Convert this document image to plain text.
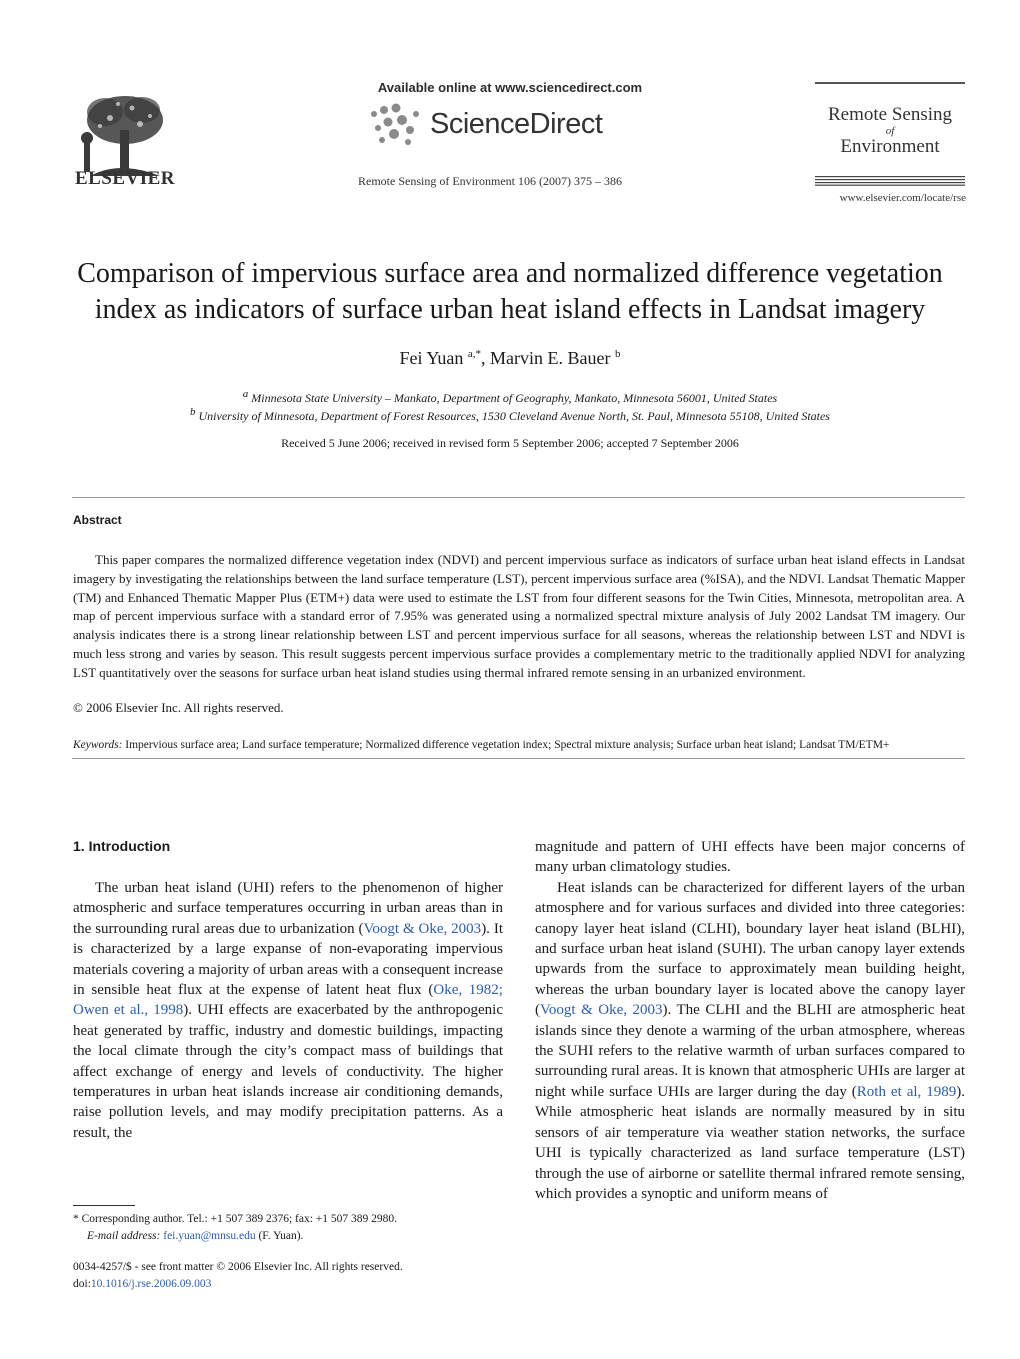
ELSEVIER
Available online at www.sciencedirect.com
ScienceDirect
Remote Sensing of Environment 106 (2007) 375 – 386
Remote Sensing
of
Environment
www.elsevier.com/locate/rse
Comparison of impervious surface area and normalized difference vegetation
index as indicators of surface urban heat island effects in Landsat imagery
Fei Yuan $^{a,*}$, Marvin E. Bauer $^b$
$^a$ Minnesota State University – Mankato, Department of Geography, Mankato, Minnesota 56001, United States
$^b$ University of Minnesota, Department of Forest Resources, 1530 Cleveland Avenue North, St. Paul, Minnesota 55108, United States
Received 5 June 2006; received in revised form 5 September 2006; accepted 7 September 2006
Abstract
This paper compares the normalized difference vegetation index (NDVI) and percent impervious surface as indicators of surface urban heat island effects in Landsat imagery by investigating the relationships between the land surface temperature (LST), percent impervious surface area (%ISA), and the NDVI. Landsat Thematic Mapper (TM) and Enhanced Thematic Mapper Plus (ETM+) data were used to estimate the LST from four different seasons for the Twin Cities, Minnesota, metropolitan area. A map of percent impervious surface with a standard error of 7.95% was generated using a normalized spectral mixture analysis of July 2002 Landsat TM imagery. Our analysis indicates there is a strong linear relationship between LST and percent impervious surface for all seasons, whereas the relationship between LST and NDVI is much less strong and varies by season. This result suggests percent impervious surface provides a complementary metric to the traditionally applied NDVI for analyzing LST quantitatively over the seasons for surface urban heat island studies using thermal infrared remote sensing in an urbanized environment.
© 2006 Elsevier Inc. All rights reserved.
Keywords: Impervious surface area; Land surface temperature; Normalized difference vegetation index; Spectral mixture analysis; Surface urban heat island; Landsat TM/ETM+
1. Introduction

The urban heat island (UHI) refers to the phenomenon of higher atmospheric and surface temperatures occurring in urban areas than in the surrounding rural areas due to urbanization (Voogt & Oke, 2003). It is characterized by a large expanse of non-evaporating impervious materials covering a majority of urban areas with a consequent increase in sensible heat flux at the expense of latent heat flux (Oke, 1982; Owen et al., 1998). UHI effects are exacerbated by the anthropogenic heat generated by traffic, industry and domestic buildings, impacting the local climate through the city’s compact mass of buildings that affect exchange of energy and levels of conductivity. The higher temperatures in urban heat islands increase air conditioning demands, raise pollution levels, and may modify precipitation patterns. As a result, the

magnitude and pattern of UHI effects have been major concerns of many urban climatology studies.

Heat islands can be characterized for different layers of the urban atmosphere and for various surfaces and divided into three categories: canopy layer heat island (CLHI), boundary layer heat island (BLHI), and surface urban heat island (SUHI). The urban canopy layer extends upwards from the surface to approximately mean building height, whereas the urban boundary layer is located above the canopy layer (Voogt & Oke, 2003). The CLHI and the BLHI are atmospheric heat islands since they denote a warming of the urban atmosphere, whereas the SUHI refers to the relative warmth of urban surfaces compared to surrounding rural areas. It is known that atmospheric UHIs are larger at night while surface UHIs are larger during the day (Roth et al, 1989). While atmospheric heat islands are normally measured by in situ sensors of air temperature via weather station networks, the surface UHI is typically characterized as land surface temperature (LST) through the use of airborne or satellite thermal infrared remote sensing, which provides a synoptic and uniform means of

* Corresponding author. Tel.: +1 507 389 2376; fax: +1 507 389 2980.
E-mail address: fei.yuan@mnsu.edu (F. Yuan).
0034-4257/$ - see front matter © 2006 Elsevier Inc. All rights reserved.
doi:10.1016/j.rse.2006.09.003
